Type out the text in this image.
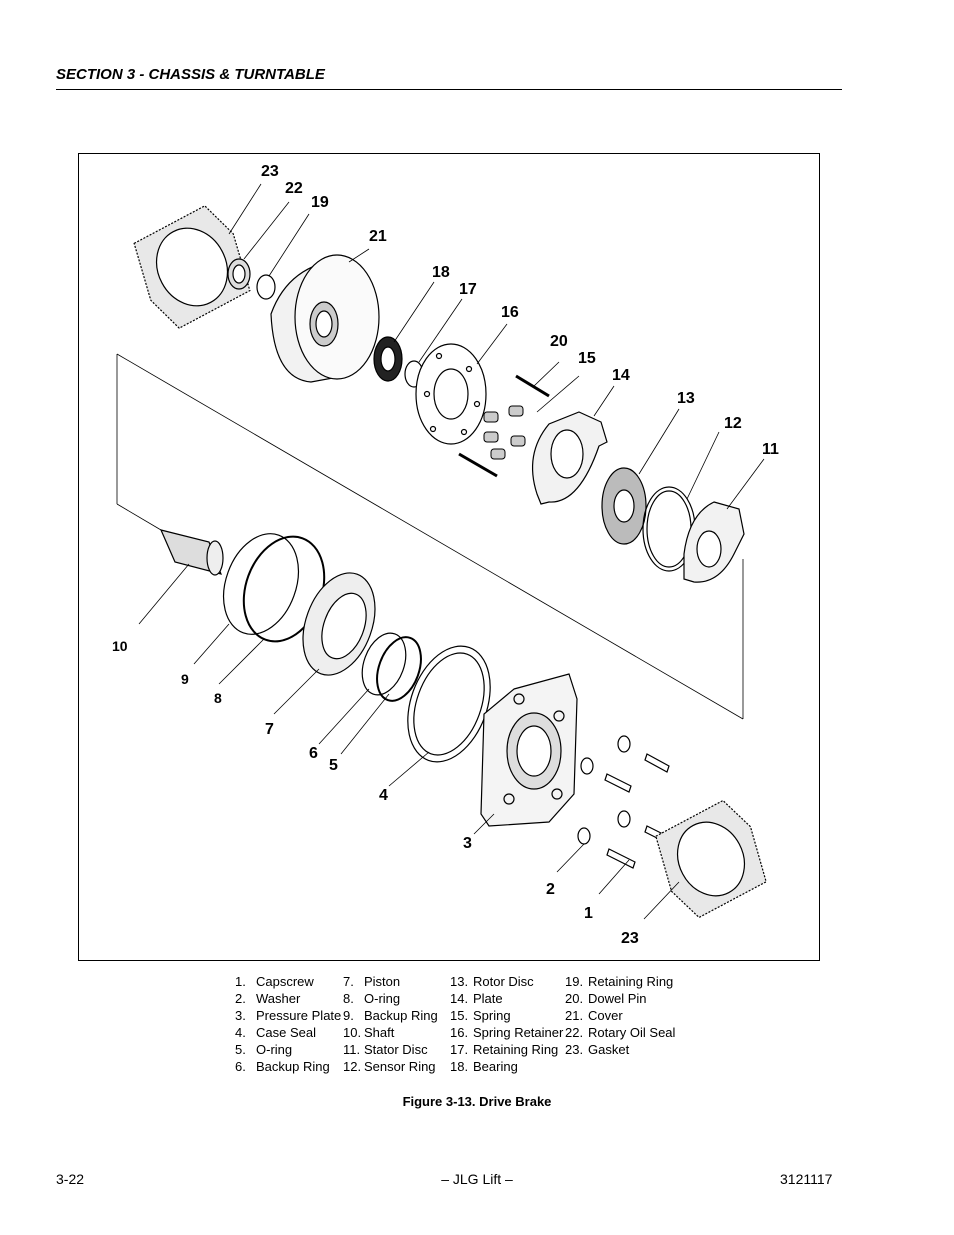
SECTION 3 - CHASSIS & TURNTABLE
23
22
19
21
18
17
16
20
15
14
13
12
11
10
9
8
7
6
5
4
3
2
1
23
1. Capscrew
2. Washer
3. Pressure Plate
4. Case Seal
5. O-ring
6. Backup Ring
7. Piston
8. O-ring
9. Backup Ring
10. Shaft
11. Stator Disc
12. Sensor Ring
13. Rotor Disc
14. Plate
15. Spring
16. Spring Retainer
17. Retaining Ring
18. Bearing
19. Retaining Ring
20. Dowel Pin
21. Cover
22. Rotary Oil Seal
23. Gasket
Figure 3-13. Drive Brake
3-22	– JLG Lift –	3121117
